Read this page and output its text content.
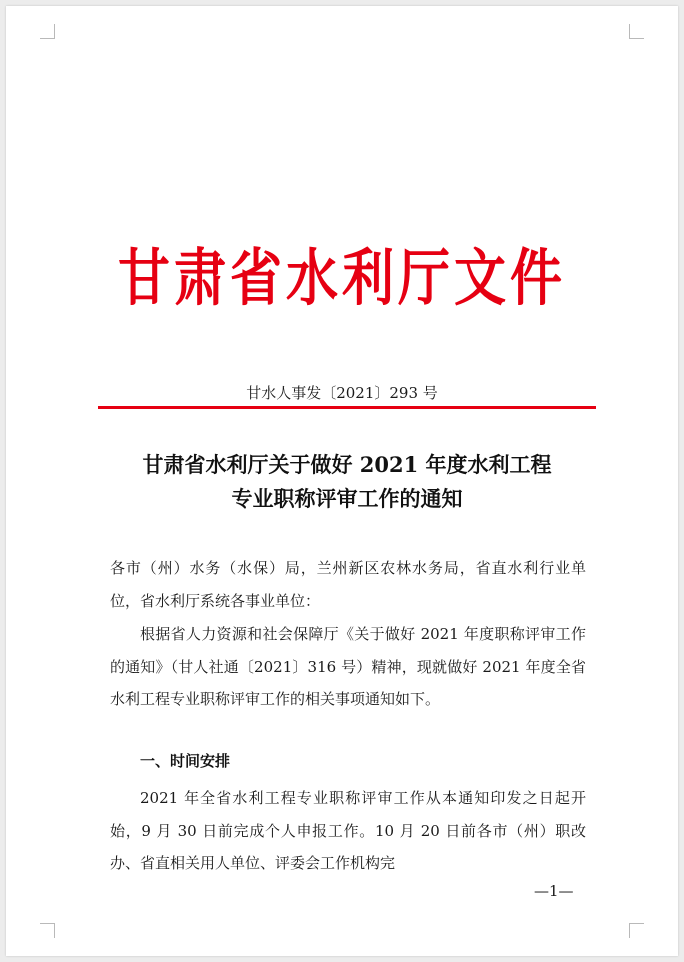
甘肃省水利厅文件
甘水人事发〔2021〕293 号
甘肃省水利厅关于做好 2021 年度水利工程
专业职称评审工作的通知
各市（州）水务（水保）局，兰州新区农林水务局，省直水利行业单位，省水利厅系统各事业单位：
根据省人力资源和社会保障厅《关于做好 2021 年度职称评审工作的通知》（甘人社通〔2021〕316 号）精神，现就做好 2021 年度全省水利工程专业职称评审工作的相关事项通知如下。
一、时间安排
2021 年全省水利工程专业职称评审工作从本通知印发之日起开始，9 月 30 日前完成个人申报工作。10 月 20 日前各市（州）职改办、省直相关用人单位、评委会工作机构完
—1—
